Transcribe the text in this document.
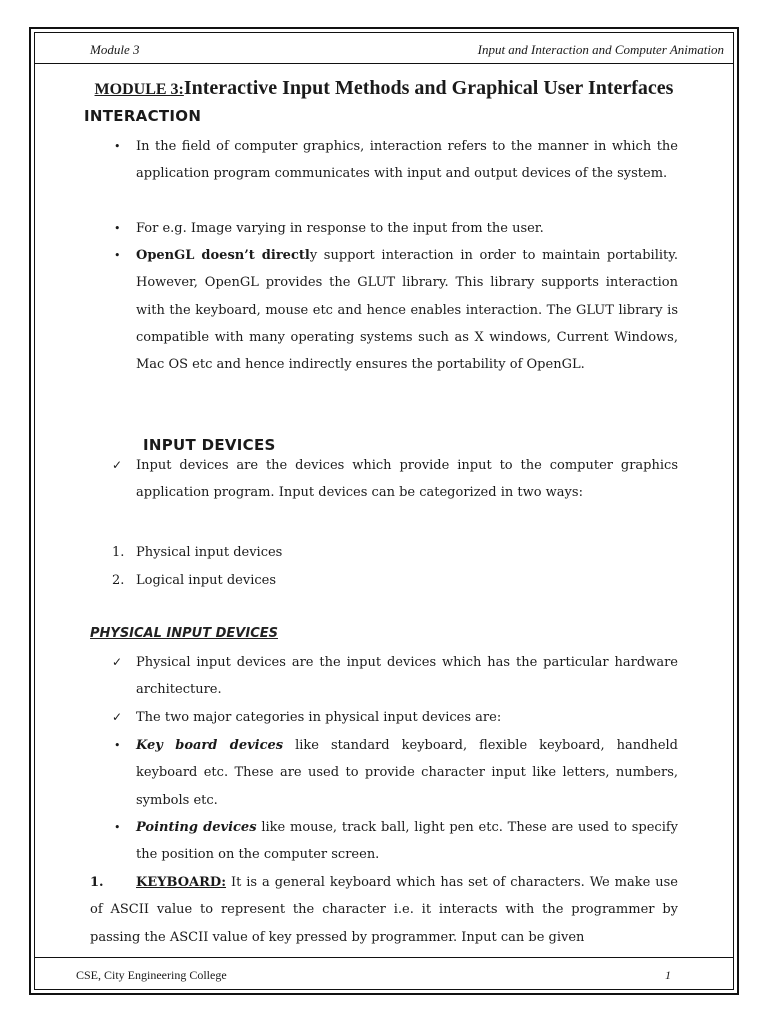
Module 3	Input and Interaction and Computer Animation
MODULE 3:Interactive Input Methods and Graphical User Interfaces
INTERACTION
•	In the field of computer graphics, interaction refers to the manner in which the application program communicates with input and output devices of the system.
•	For e.g. Image varying in response to the input from the user.
•	OpenGL doesn’t directly support interaction in order to maintain portability. However, OpenGL provides the GLUT library. This library supports interaction with the keyboard, mouse etc and hence enables interaction. The GLUT library is compatible with many operating systems such as X windows, Current Windows, Mac OS etc and hence indirectly ensures the portability of OpenGL.
INPUT DEVICES
✓	Input devices are the devices which provide input to the computer graphics application program. Input devices can be categorized in two ways:
1. Physical input devices
2. Logical input devices
PHYSICAL INPUT DEVICES
✓	Physical input devices are the input devices which has the particular hardware architecture.
✓	The two major categories in physical input devices are:
•	Key board devices like standard keyboard, flexible keyboard, handheld keyboard etc. These are used to provide character input like letters, numbers, symbols etc.
•	Pointing devices like mouse, track ball, light pen etc. These are used to specify the position on the computer screen.
1. KEYBOARD: It is a general keyboard which has set of characters. We make use of ASCII value to represent the character i.e. it interacts with the programmer by passing the ASCII value of key pressed by programmer. Input can be given
CSE, City Engineering College	1
